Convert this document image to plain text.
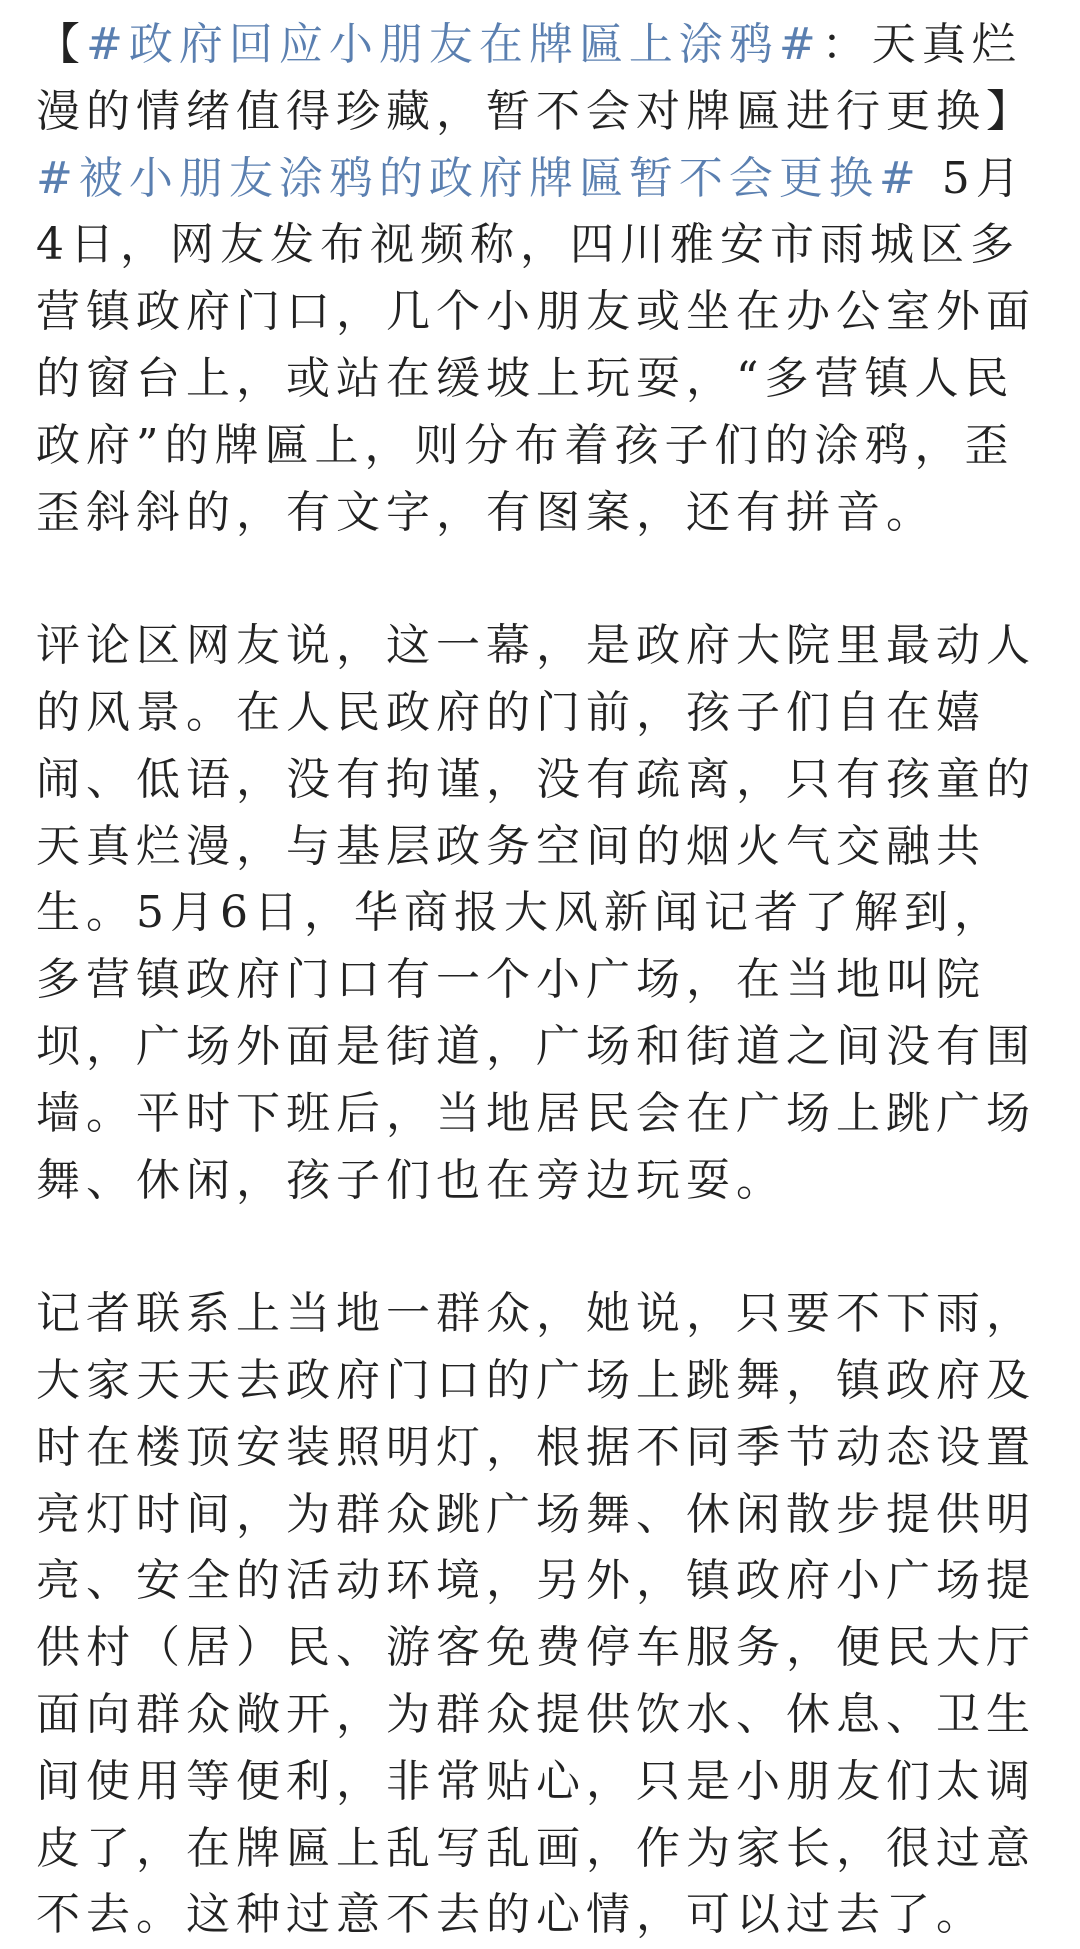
【#政府回应小朋友在牌匾上涂鸦#：天真烂漫的情绪值得珍藏，暂不会对牌匾进行更换】#被小朋友涂鸦的政府牌匾暂不会更换# 5月4日，网友发布视频称，四川雅安市雨城区多营镇政府门口，几个小朋友或坐在办公室外面的窗台上，或站在缓坡上玩耍，“多营镇人民政府”的牌匾上，则分布着孩子们的涂鸦，歪歪斜斜的，有文字，有图案，还有拼音。

评论区网友说，这一幕，是政府大院里最动人的风景。在人民政府的门前，孩子们自在嬉闹、低语，没有拘谨，没有疏离，只有孩童的天真烂漫，与基层政务空间的烟火气交融共生。5月6日，华商报大风新闻记者了解到，多营镇政府门口有一个小广场，在当地叫院坝，广场外面是街道，广场和街道之间没有围墙。平时下班后，当地居民会在广场上跳广场舞、休闲，孩子们也在旁边玩耍。

记者联系上当地一群众，她说，只要不下雨，大家天天去政府门口的广场上跳舞，镇政府及时在楼顶安装照明灯，根据不同季节动态设置亮灯时间，为群众跳广场舞、休闲散步提供明亮、安全的活动环境，另外，镇政府小广场提供村（居）民、游客免费停车服务，便民大厅面向群众敞开，为群众提供饮水、休息、卫生间使用等便利，非常贴心，只是小朋友们太调皮了，在牌匾上乱写乱画，作为家长，很过意不去。这种过意不去的心情，可以过去了。
